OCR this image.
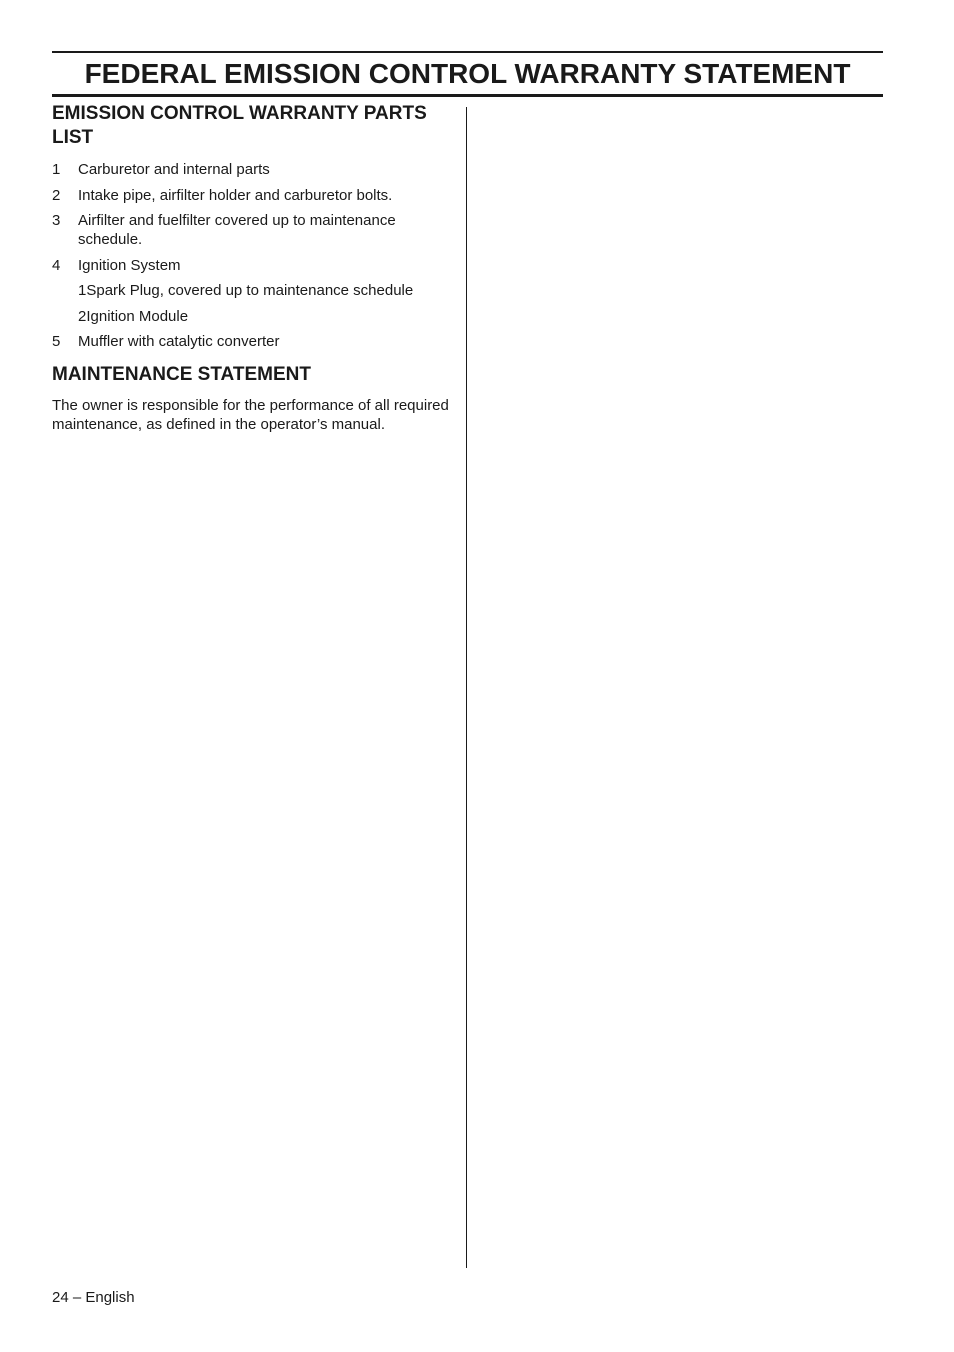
FEDERAL EMISSION CONTROL WARRANTY STATEMENT
EMISSION CONTROL WARRANTY PARTS LIST
1 Carburetor and internal parts
2 Intake pipe, airfilter holder and carburetor bolts.
3 Airfilter and fuelfilter covered up to maintenance schedule.
4 Ignition System
1Spark Plug, covered up to maintenance schedule
2Ignition Module
5 Muffler with catalytic converter
MAINTENANCE STATEMENT

The owner is responsible for the performance of all required maintenance, as defined in the operator’s manual.

24 – English
